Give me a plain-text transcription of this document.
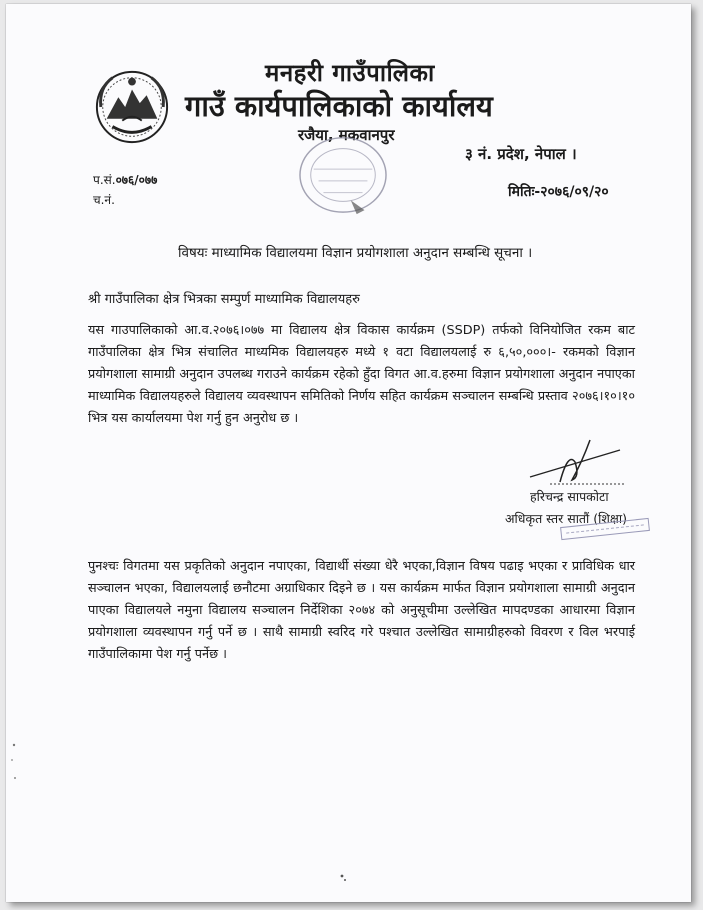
मनहरी गाउँपालिका
गाउँ कार्यपालिकाको कार्यालय
रजैया, मकवानपुर
३ नं. प्रदेश, नेपाल ।
प.सं.०७६/०७७
च.नं.	मितिः-२०७६/०९/२०
विषयः माध्यामिक विद्यालयमा विज्ञान प्रयोगशाला अनुदान सम्बन्धि सूचना ।
श्री गाउँपालिका क्षेत्र भित्रका सम्पुर्ण माध्यामिक विद्यालयहरु
यस गाउपालिकाको आ.व.२०७६।०७७ मा विद्यालय क्षेत्र विकास कार्यक्रम (SSDP) तर्फको विनियोजित रकम बाट गाउँपालिका क्षेत्र भित्र संचालित माध्यमिक विद्यालयहरु मध्ये १ वटा विद्यालयलाई रु ६,५०,०००।- रकमको विज्ञान प्रयोगशाला सामाग्री अनुदान उपलब्ध गराउने कार्यक्रम रहेको हुँदा विगत आ.व.हरुमा विज्ञान प्रयोगशाला अनुदान नपाएका माध्यामिक विद्यालयहरुले विद्यालय व्यवस्थापन समितिको निर्णय सहित कार्यक्रम सञ्चालन सम्बन्धि प्रस्ताव २०७६।१०।१० भित्र यस कार्यालयमा पेश गर्नु हुन अनुरोध छ ।
हरिचन्द्र सापकोटा
अधिकृत स्तर सातौं (शिक्षा)
पुनश्चः विगतमा यस प्रकृतिको अनुदान नपाएका, विद्यार्थी संख्या धेरै भएका,विज्ञान विषय पढाइ भएका र प्राविधिक धार सञ्चालन भएका, विद्यालयलाई छनौटमा अग्राधिकार दिइने छ । यस कार्यक्रम मार्फत विज्ञान प्रयोगशाला सामाग्री अनुदान पाएका विद्यालयले नमुना विद्यालय सञ्चालन निर्देशिका २०७४ को अनुसूचीमा उल्लेखित मापदण्डका आधारमा विज्ञान प्रयोगशाला व्यवस्थापन गर्नु पर्ने छ । साथै सामाग्री स्वरिद गरे पश्चात उल्लेखित सामाग्रीहरुको विवरण र विल भरपाई गाउँपालिकामा पेश गर्नु पर्नेछ ।
